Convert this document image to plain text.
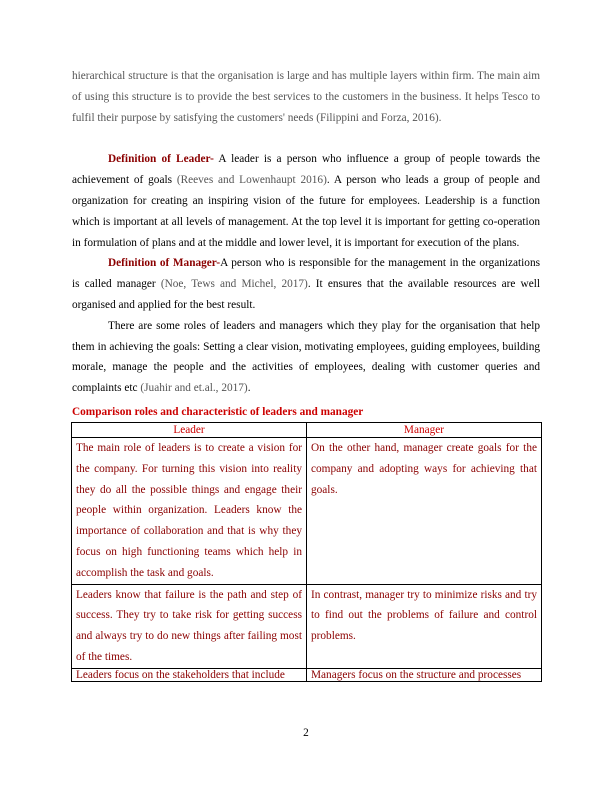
hierarchical structure is that the organisation is large and has multiple layers within firm. The main aim of using this structure is to provide the best services to the customers in the business. It helps Tesco to fulfil their purpose by satisfying the customers' needs (Filippini and Forza, 2016).

Definition of Leader- A leader is a person who influence a group of people towards the achievement of goals (Reeves and Lowenhaupt 2016). A person who leads a group of people and organization for creating an inspiring vision of the future for employees. Leadership is a function which is important at all levels of management. At the top level it is important for getting co-operation in formulation of plans and at the middle and lower level, it is important for execution of the plans.

Definition of Manager-A person who is responsible for the management in the organizations is called manager (Noe, Tews and Michel, 2017). It ensures that the available resources are well organised and applied for the best result.

There are some roles of leaders and managers which they play for the organisation that help them in achieving the goals: Setting a clear vision, motivating employees, guiding employees, building morale, manage the people and the activities of employees, dealing with customer queries and complaints etc (Juahir and et.al., 2017).

Comparison roles and characteristic of leaders and manager
Leader	Manager
The main role of leaders is to create a vision for the company. For turning this vision into reality they do all the possible things and engage their people within organization. Leaders know the importance of collaboration and that is why they focus on high functioning teams which help in accomplish the task and goals.	On the other hand, manager create goals for the company and adopting ways for achieving that goals.
Leaders know that failure is the path and step of success. They try to take risk for getting success and always try to do new things after failing most of the times.	In contrast, manager try to minimize risks and try to find out the problems of failure and control problems.
Leaders focus on the stakeholders that include	Managers focus on the structure and processes
2
